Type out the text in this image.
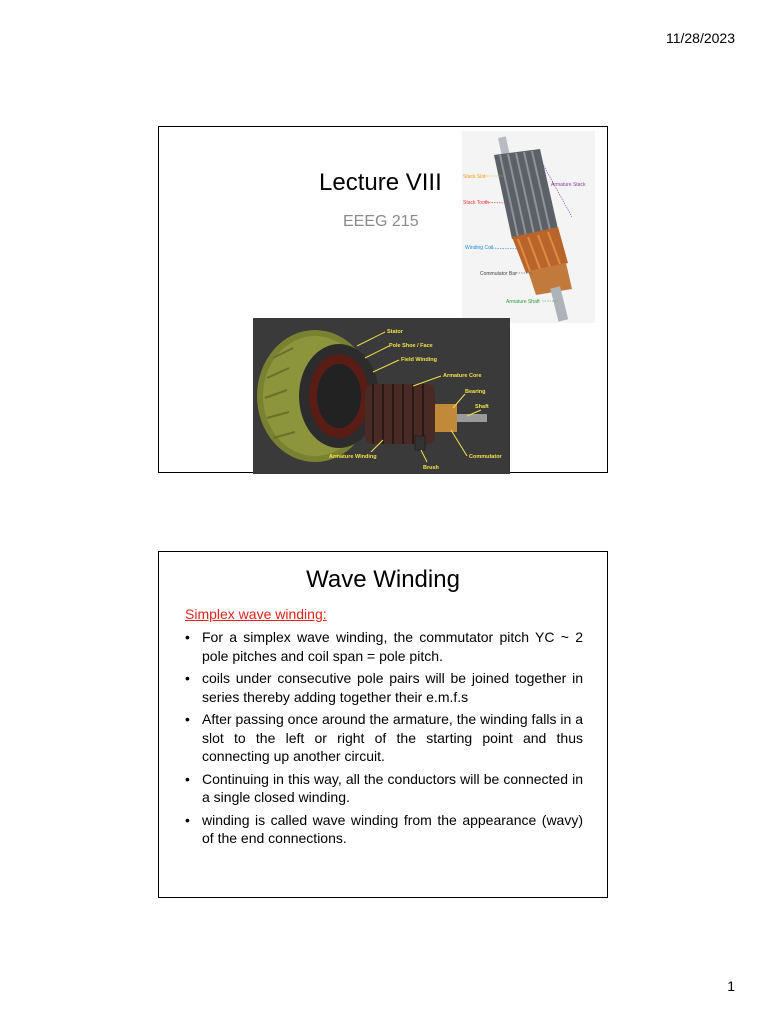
11/28/2023
Lecture VIII
EEEG 215
Stack Slot
Armature Stack
Stack Tooth
Winding Coil
Commutator Bar
Armature Shaft
Stator
Pole Shoe / Face
Field Winding
Armature Core
Bearing
Shaft
Armature Winding	Commutator
Brush
Wave Winding
Simplex wave winding:
• For a simplex wave winding, the commutator pitch YC ~ 2 pole pitches and coil span = pole pitch.
• coils under consecutive pole pairs will be joined together in series thereby adding together their e.m.f.s
• After passing once around the armature, the winding falls in a slot to the left or right of the starting point and thus connecting up another circuit.
• Continuing in this way, all the conductors will be connected in a single closed winding.
• winding is called wave winding from the appearance (wavy) of the end connections.
1
